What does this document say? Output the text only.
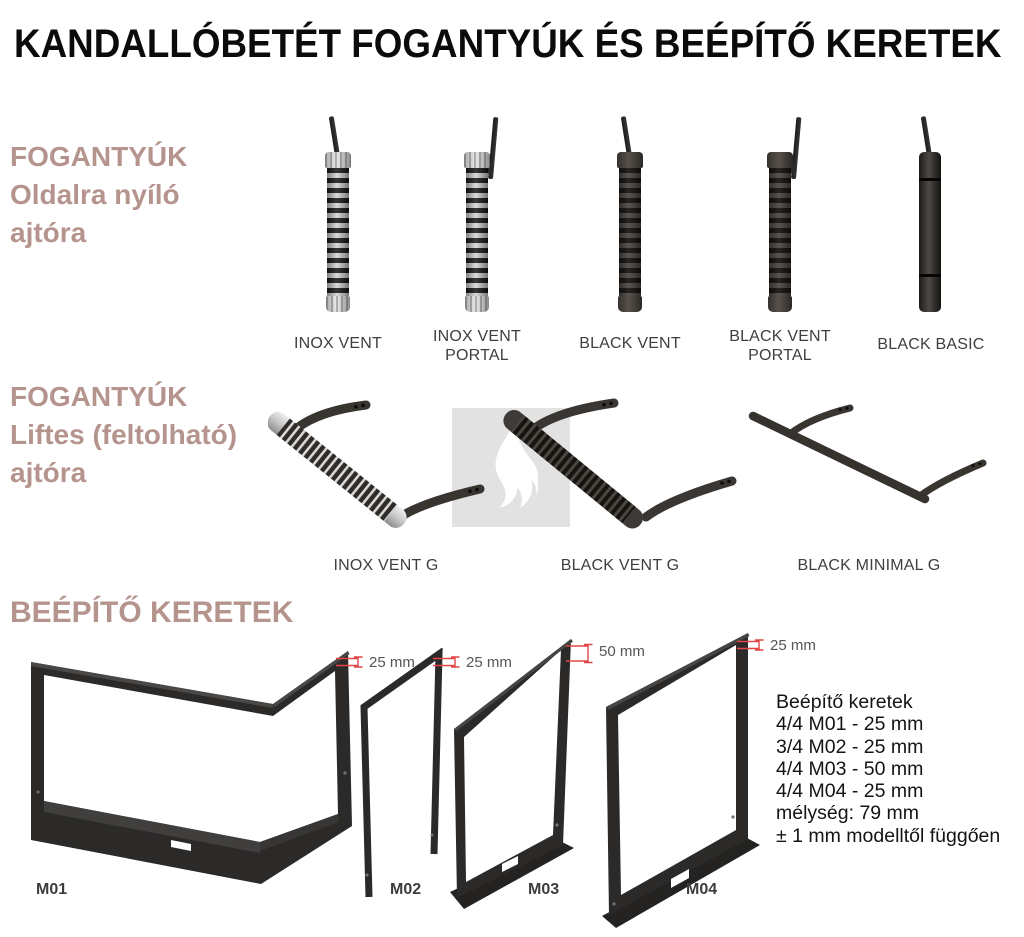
KANDALLÓBETÉT FOGANTYÚK ÉS BEÉPÍTŐ KERETEK
FOGANTYÚK
Oldalra nyíló
ajtóra
INOX VENT	INOX VENT PORTAL
BLACK VENT	BLACK VENT PORTAL
BLACK BASIC
FOGANTYÚK
Liftes (feltolható)
ajtóra
INOX VENT G	BLACK VENT G	BLACK MINIMAL G
BEÉPÍTŐ KERETEK
25 mm	25 mm
50 mm	25 mm
M01	M02	M03	M04
Beépítő keretek
4/4 M01 - 25 mm
3/4 M02 - 25 mm
4/4 M03 - 50 mm
4/4 M04 - 25 mm
mélység: 79 mm
± 1 mm modelltől függően
